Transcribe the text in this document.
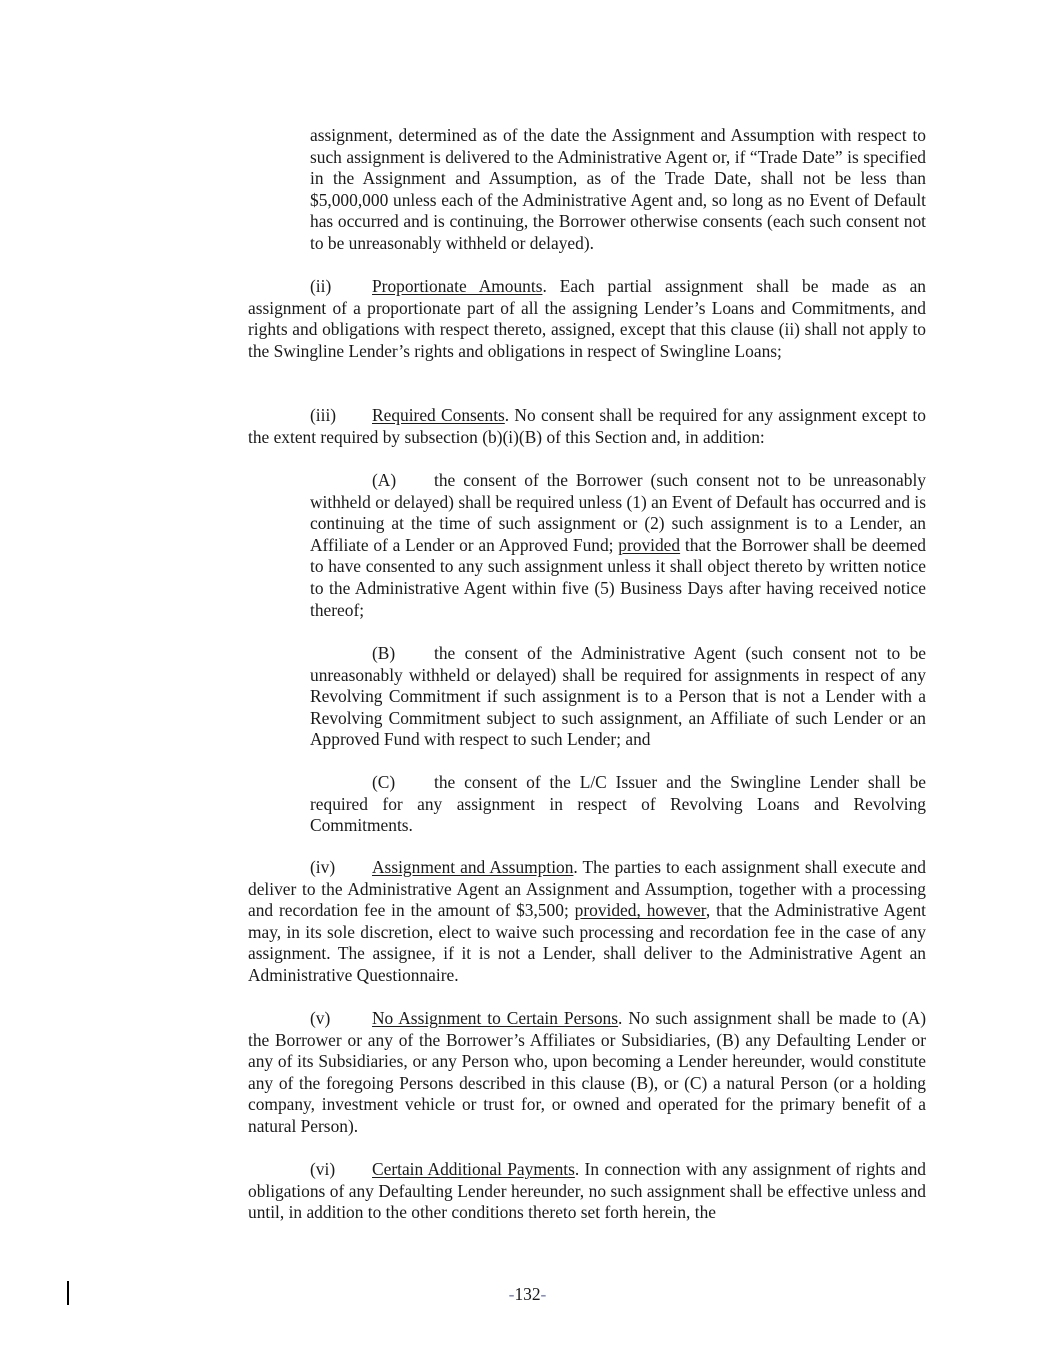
assignment, determined as of the date the Assignment and Assumption with respect to such assignment is delivered to the Administrative Agent or, if “Trade Date” is specified in the Assignment and Assumption, as of the Trade Date, shall not be less than $5,000,000 unless each of the Administrative Agent and, so long as no Event of Default has occurred and is continuing, the Borrower otherwise consents (each such consent not to be unreasonably withheld or delayed).

(ii) Proportionate Amounts. Each partial assignment shall be made as an assignment of a proportionate part of all the assigning Lender’s Loans and Commitments, and rights and obligations with respect thereto, assigned, except that this clause (ii) shall not apply to the Swingline Lender’s rights and obligations in respect of Swingline Loans;

(iii) Required Consents. No consent shall be required for any assignment except to the extent required by subsection (b)(i)(B) of this Section and, in addition:

(A) the consent of the Borrower (such consent not to be unreasonably withheld or delayed) shall be required unless (1) an Event of Default has occurred and is continuing at the time of such assignment or (2) such assignment is to a Lender, an Affiliate of a Lender or an Approved Fund; provided that the Borrower shall be deemed to have consented to any such assignment unless it shall object thereto by written notice to the Administrative Agent within five (5) Business Days after having received notice thereof;

(B) the consent of the Administrative Agent (such consent not to be unreasonably withheld or delayed) shall be required for assignments in respect of any Revolving Commitment if such assignment is to a Person that is not a Lender with a Revolving Commitment subject to such assignment, an Affiliate of such Lender or an Approved Fund with respect to such Lender; and

(C) the consent of the L/C Issuer and the Swingline Lender shall be required for any assignment in respect of Revolving Loans and Revolving Commitments.

(iv) Assignment and Assumption. The parties to each assignment shall execute and deliver to the Administrative Agent an Assignment and Assumption, together with a processing and recordation fee in the amount of $3,500; provided, however, that the Administrative Agent may, in its sole discretion, elect to waive such processing and recordation fee in the case of any assignment. The assignee, if it is not a Lender, shall deliver to the Administrative Agent an Administrative Questionnaire.

(v) No Assignment to Certain Persons. No such assignment shall be made to (A) the Borrower or any of the Borrower’s Affiliates or Subsidiaries, (B) any Defaulting Lender or any of its Subsidiaries, or any Person who, upon becoming a Lender hereunder, would constitute any of the foregoing Persons described in this clause (B), or (C) a natural Person (or a holding company, investment vehicle or trust for, or owned and operated for the primary benefit of a natural Person).

(vi) Certain Additional Payments. In connection with any assignment of rights and obligations of any Defaulting Lender hereunder, no such assignment shall be effective unless and until, in addition to the other conditions thereto set forth herein, the

-132-
